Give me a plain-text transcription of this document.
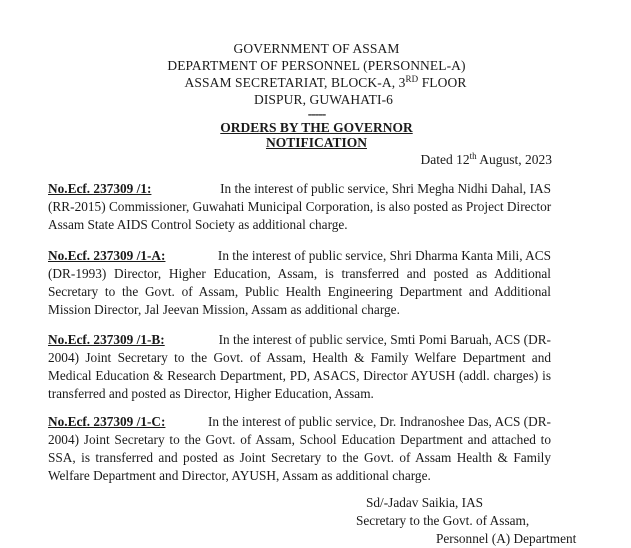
GOVERNMENT OF ASSAM
DEPARTMENT OF PERSONNEL (PERSONNEL-A)
ASSAM SECRETARIAT, BLOCK-A, 3RD FLOOR
DISPUR, GUWAHATI-6
-----
ORDERS BY THE GOVERNOR
NOTIFICATION
Dated 12th August, 2023
No.Ecf. 237309 /1:	In the interest of public service, Shri Megha Nidhi Dahal, IAS
(RR-2015) Commissioner, Guwahati Municipal Corporation, is also posted as Project Director
Assam State AIDS Control Society as additional charge.
No.Ecf. 237309 /1-A:	In the interest of public service, Shri Dharma Kanta Mili, ACS
(DR-1993) Director, Higher Education, Assam, is transferred and posted as Additional
Secretary to the Govt. of Assam, Public Health Engineering Department and Additional
Mission Director, Jal Jeevan Mission, Assam as additional charge.
No.Ecf. 237309 /1-B:	In the interest of public service, Smti Pomi Baruah, ACS (DR-
2004) Joint Secretary to the Govt. of Assam, Health & Family Welfare Department and
Medical Education & Research Department, PD, ASACS, Director AYUSH (addl. charges) is
transferred and posted as Director, Higher Education, Assam.
No.Ecf. 237309 /1-C:	In the interest of public service, Dr. Indranoshee Das, ACS (DR-
2004) Joint Secretary to the Govt. of Assam, School Education Department and attached to
SSA, is transferred and posted as Joint Secretary to the Govt. of Assam Health & Family
Welfare Department and Director, AYUSH, Assam as additional charge.
Sd/-Jadav Saikia, IAS
Secretary to the Govt. of Assam,
Personnel (A) Department
